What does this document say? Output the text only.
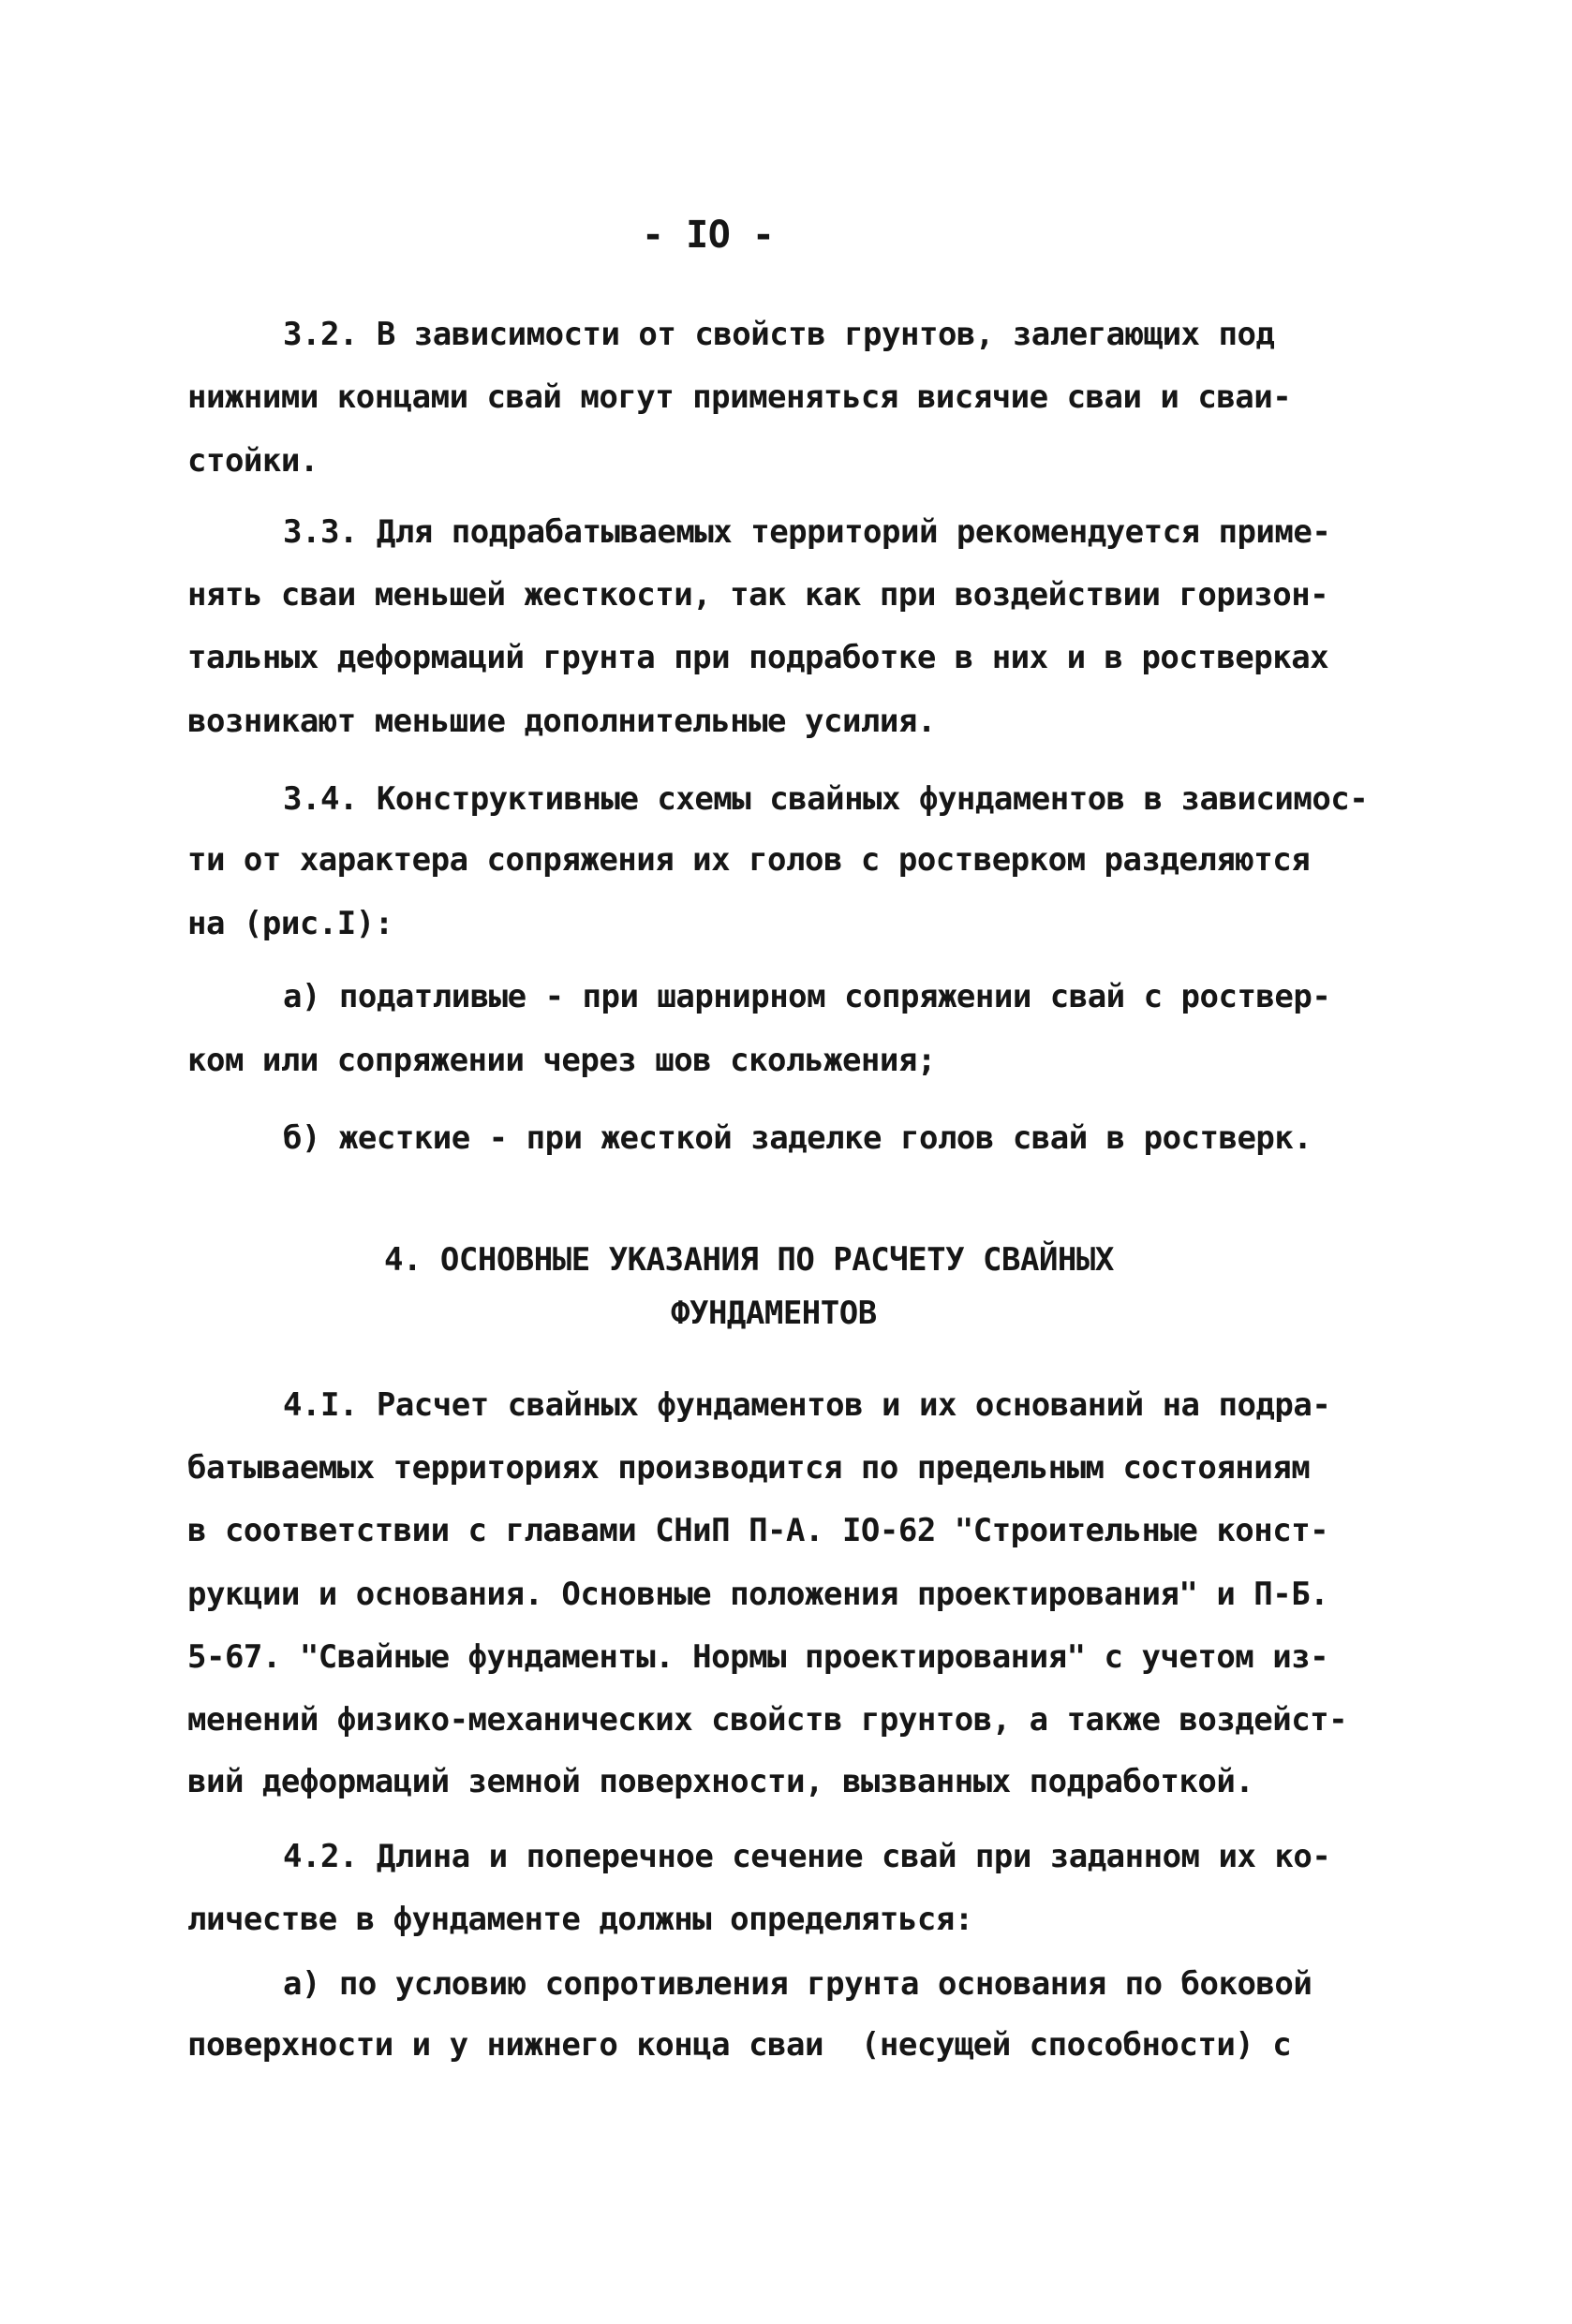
- IO -
3.2. В зависимости от свойств грунтов, залегающих под
нижними концами свай могут применяться висячие сваи и сваи-
стойки.
3.3. Для подрабатываемых территорий рекомендуется приме-
нять сваи меньшей жесткости, так как при воздействии горизон-
тальных деформаций грунта при подработке в них и в ростверках
возникают меньшие дополнительные усилия.
3.4. Конструктивные схемы свайных фундаментов в зависимос-
ти от характера сопряжения их голов с ростверком разделяются
на (рис.I):
а) податливые - при шарнирном сопряжении свай с роствер-
ком или сопряжении через шов скольжения;
б) жесткие - при жесткой заделке голов свай в ростверк.
4. ОСНОВНЫЕ УКАЗАНИЯ ПО РАСЧЕТУ СВАЙНЫХ
ФУНДАМЕНТОВ
4.I. Расчет свайных фундаментов и их оснований на подра-
батываемых территориях производится по предельным состояниям
в соответствии с главами СНиП П-А. IO-62 "Строительные конст-
рукции и основания. Основные положения проектирования" и П-Б.
5-67. "Свайные фундаменты. Нормы проектирования" с учетом из-
менений физико-механических свойств грунтов, а также воздейст-
вий деформаций земной поверхности, вызванных подработкой.
4.2. Длина и поперечное сечение свай при заданном их ко-
личестве в фундаменте должны определяться:
а) по условию сопротивления грунта основания по боковой
поверхности и у нижнего конца сваи  (несущей способности) с
